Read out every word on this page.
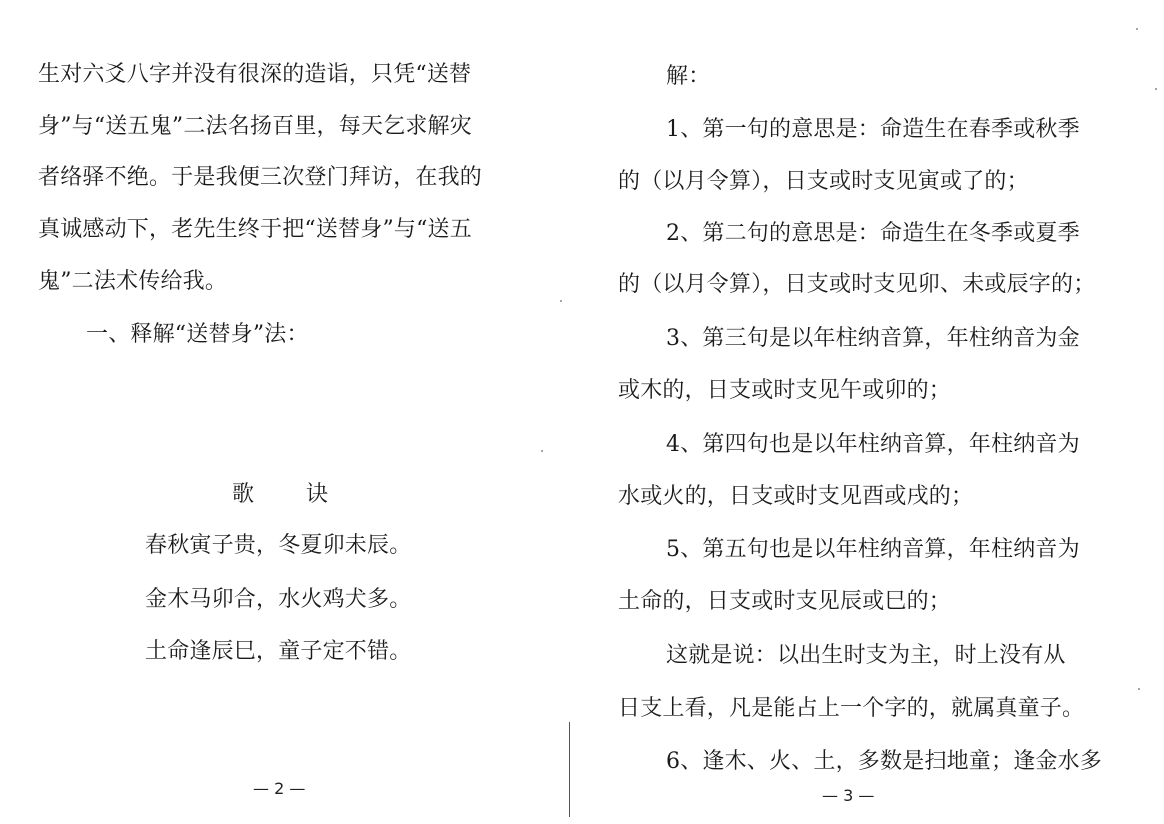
生对六爻八字并没有很深的造诣，只凭“送替
身”与“送五鬼”二法名扬百里，每天乞求解灾
者络驿不绝。于是我便三次登门拜访，在我的
真诚感动下，老先生终于把“送替身”与“送五
鬼”二法术传给我。
一、释解“送替身”法：
歌 诀
春秋寅子贵，冬夏卯未辰。
金木马卯合，水火鸡犬多。
土命逢辰巳，童子定不错。
— 2 —
解：
1、第一句的意思是：命造生在春季或秋季
的（以月令算），日支或时支见寅或了的；
2、第二句的意思是：命造生在冬季或夏季
的（以月令算），日支或时支见卯、未或辰字的；
3、第三句是以年柱纳音算，年柱纳音为金
或木的，日支或时支见午或卯的；
4、第四句也是以年柱纳音算，年柱纳音为
水或火的，日支或时支见酉或戌的；
5、第五句也是以年柱纳音算，年柱纳音为
土命的，日支或时支见辰或巳的；
这就是说：以出生时支为主，时上没有从
日支上看，凡是能占上一个字的，就属真童子。
6、逢木、火、土，多数是扫地童；逢金水多
— 3 —
